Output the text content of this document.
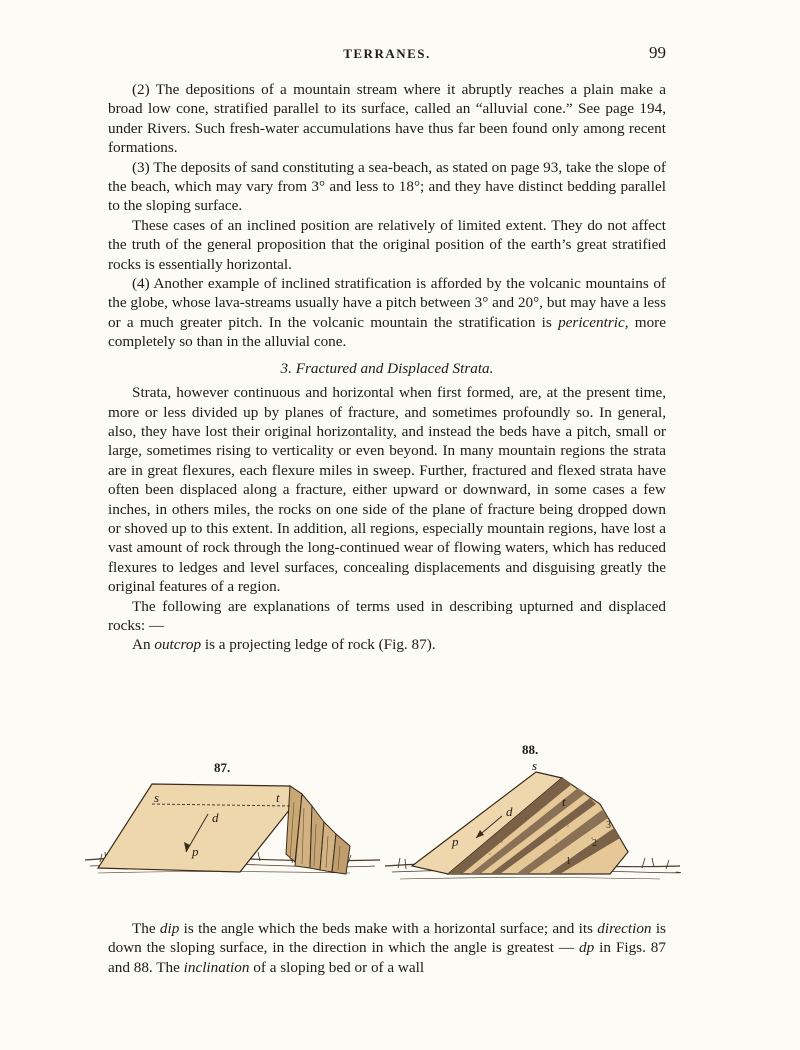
TERRANES.	99

(2) The depositions of a mountain stream where it abruptly reaches a plain make a broad low cone, stratified parallel to its surface, called an “alluvial cone.” See page 194, under Rivers. Such fresh-water accumulations have thus far been found only among recent formations.

(3) The deposits of sand constituting a sea-beach, as stated on page 93, take the slope of the beach, which may vary from 3° and less to 18°; and they have distinct bedding parallel to the sloping surface.

These cases of an inclined position are relatively of limited extent. They do not affect the truth of the general proposition that the original position of the earth’s great stratified rocks is essentially horizontal.

(4) Another example of inclined stratification is afforded by the volcanic mountains of the globe, whose lava-streams usually have a pitch between 3° and 20°, but may have a less or a much greater pitch. In the volcanic mountain the stratification is pericentric, more completely so than in the alluvial cone.

3. Fractured and Displaced Strata.

Strata, however continuous and horizontal when first formed, are, at the present time, more or less divided up by planes of fracture, and sometimes profoundly so. In general, also, they have lost their original horizontality, and instead the beds have a pitch, small or large, sometimes rising to verticality or even beyond. In many mountain regions the strata are in great flexures, each flexure miles in sweep. Further, fractured and flexed strata have often been displaced along a fracture, either upward or downward, in some cases a few inches, in others miles, the rocks on one side of the plane of fracture being dropped down or shoved up to this extent. In addition, all regions, especially mountain regions, have lost a vast amount of rock through the long-continued wear of flowing waters, which has reduced flexures to ledges and level surfaces, concealing displacements and disguising greatly the original features of a region.

The following are explanations of terms used in describing upturned and displaced rocks: —

An outcrop is a projecting ledge of rock (Fig. 87).

87.
88.
s	t
d
p
s
t
d
p
1
2
3

The dip is the angle which the beds make with a horizontal surface; and its direction is down the sloping surface, in the direction in which the angle is greatest — dp in Figs. 87 and 88. The inclination of a sloping bed or of a wall
